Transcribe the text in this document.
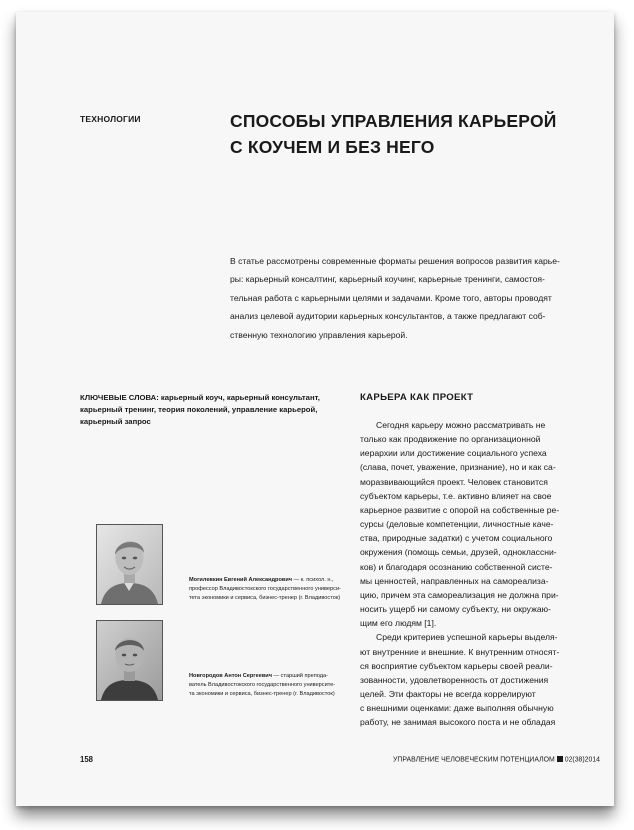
ТЕХНОЛОГИИ	СПОСОБЫ УПРАВЛЕНИЯ КАРЬЕРОЙ
С КОУЧЕМ И БЕЗ НЕГО
В статье рассмотрены современные форматы решения вопросов развития карье-
ры: карьерный консалтинг, карьерный коучинг, карьерные тренинги, самостоя-
тельная работа с карьерными целями и задачами. Кроме того, авторы проводят
анализ целевой аудитории карьерных консультантов, а также предлагают соб-
ственную технологию управления карьерой.
КЛЮЧЕВЫЕ СЛОВА: карьерный коуч, карьерный консультант,
карьерный тренинг, теория поколений, управление карьерой,
карьерный запрос
Могилевкин Евгений Александрович — к. психол. н.,
профессор Владивостокского государственного универси-
тета экономики и сервиса, бизнес-тренер (г. Владивосток)
Новгородов Антон Сергеевич — старший препода-
ватель Владивостокского государственного университе-
та экономики и сервиса, бизнес-тренер (г. Владивосток)
КАРЬЕРА КАК ПРОЕКТ
Сегодня карьеру можно рассматривать не
только как продвижение по организационной
иерархии или достижение социального успеха
(слава, почет, уважение, признание), но и как са-
моразвивающийся проект. Человек становится
субъектом карьеры, т.е. активно влияет на свое
карьерное развитие с опорой на собственные ре-
сурсы (деловые компетенции, личностные каче-
ства, природные задатки) с учетом социального
окружения (помощь семьи, друзей, одноклассни-
ков) и благодаря осознанию собственной систе-
мы ценностей, направленных на самореализа-
цию, причем эта самореализация не должна при-
носить ущерб ни самому субъекту, ни окружаю-
щим его людям [1].
Среди критериев успешной карьеры выделя-
ют внутренние и внешние. К внутренним относят-
ся восприятие субъектом карьеры своей реали-
зованности, удовлетворенность от достижения
целей. Эти факторы не всегда коррелируют
с внешними оценками: даже выполняя обычную
работу, не занимая высокого поста и не обладая
158	УПРАВЛЕНИЕ ЧЕЛОВЕЧЕСКИМ ПОТЕНЦИАЛОМ 02(38)2014
